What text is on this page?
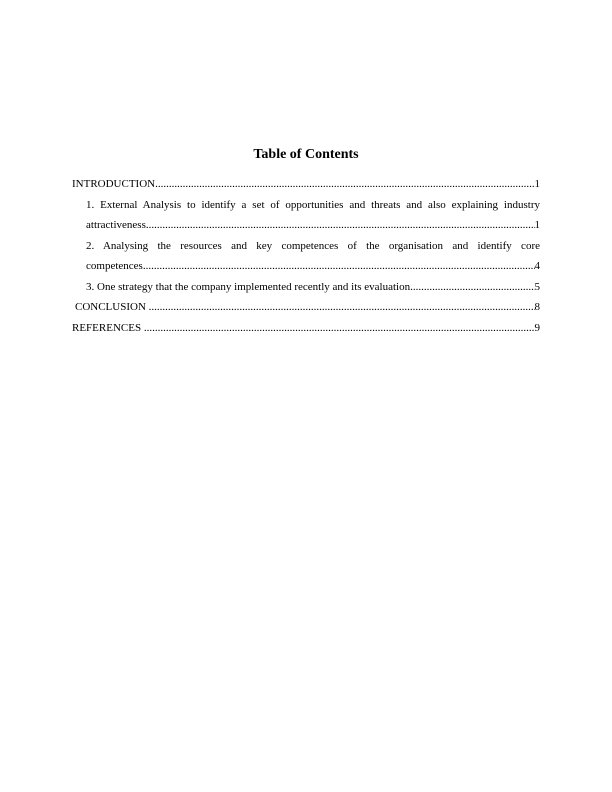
Table of Contents
INTRODUCTION .....	1
1. External Analysis to identify a set of opportunities and threats and also explaining industry
attractiveness .....	1
2. Analysing the resources and key competences of the organisation and identify core
competences .....	4
3. One strategy that the company implemented recently and its evaluation .....	5
CONCLUSION .....	8
REFERENCES .....	9
